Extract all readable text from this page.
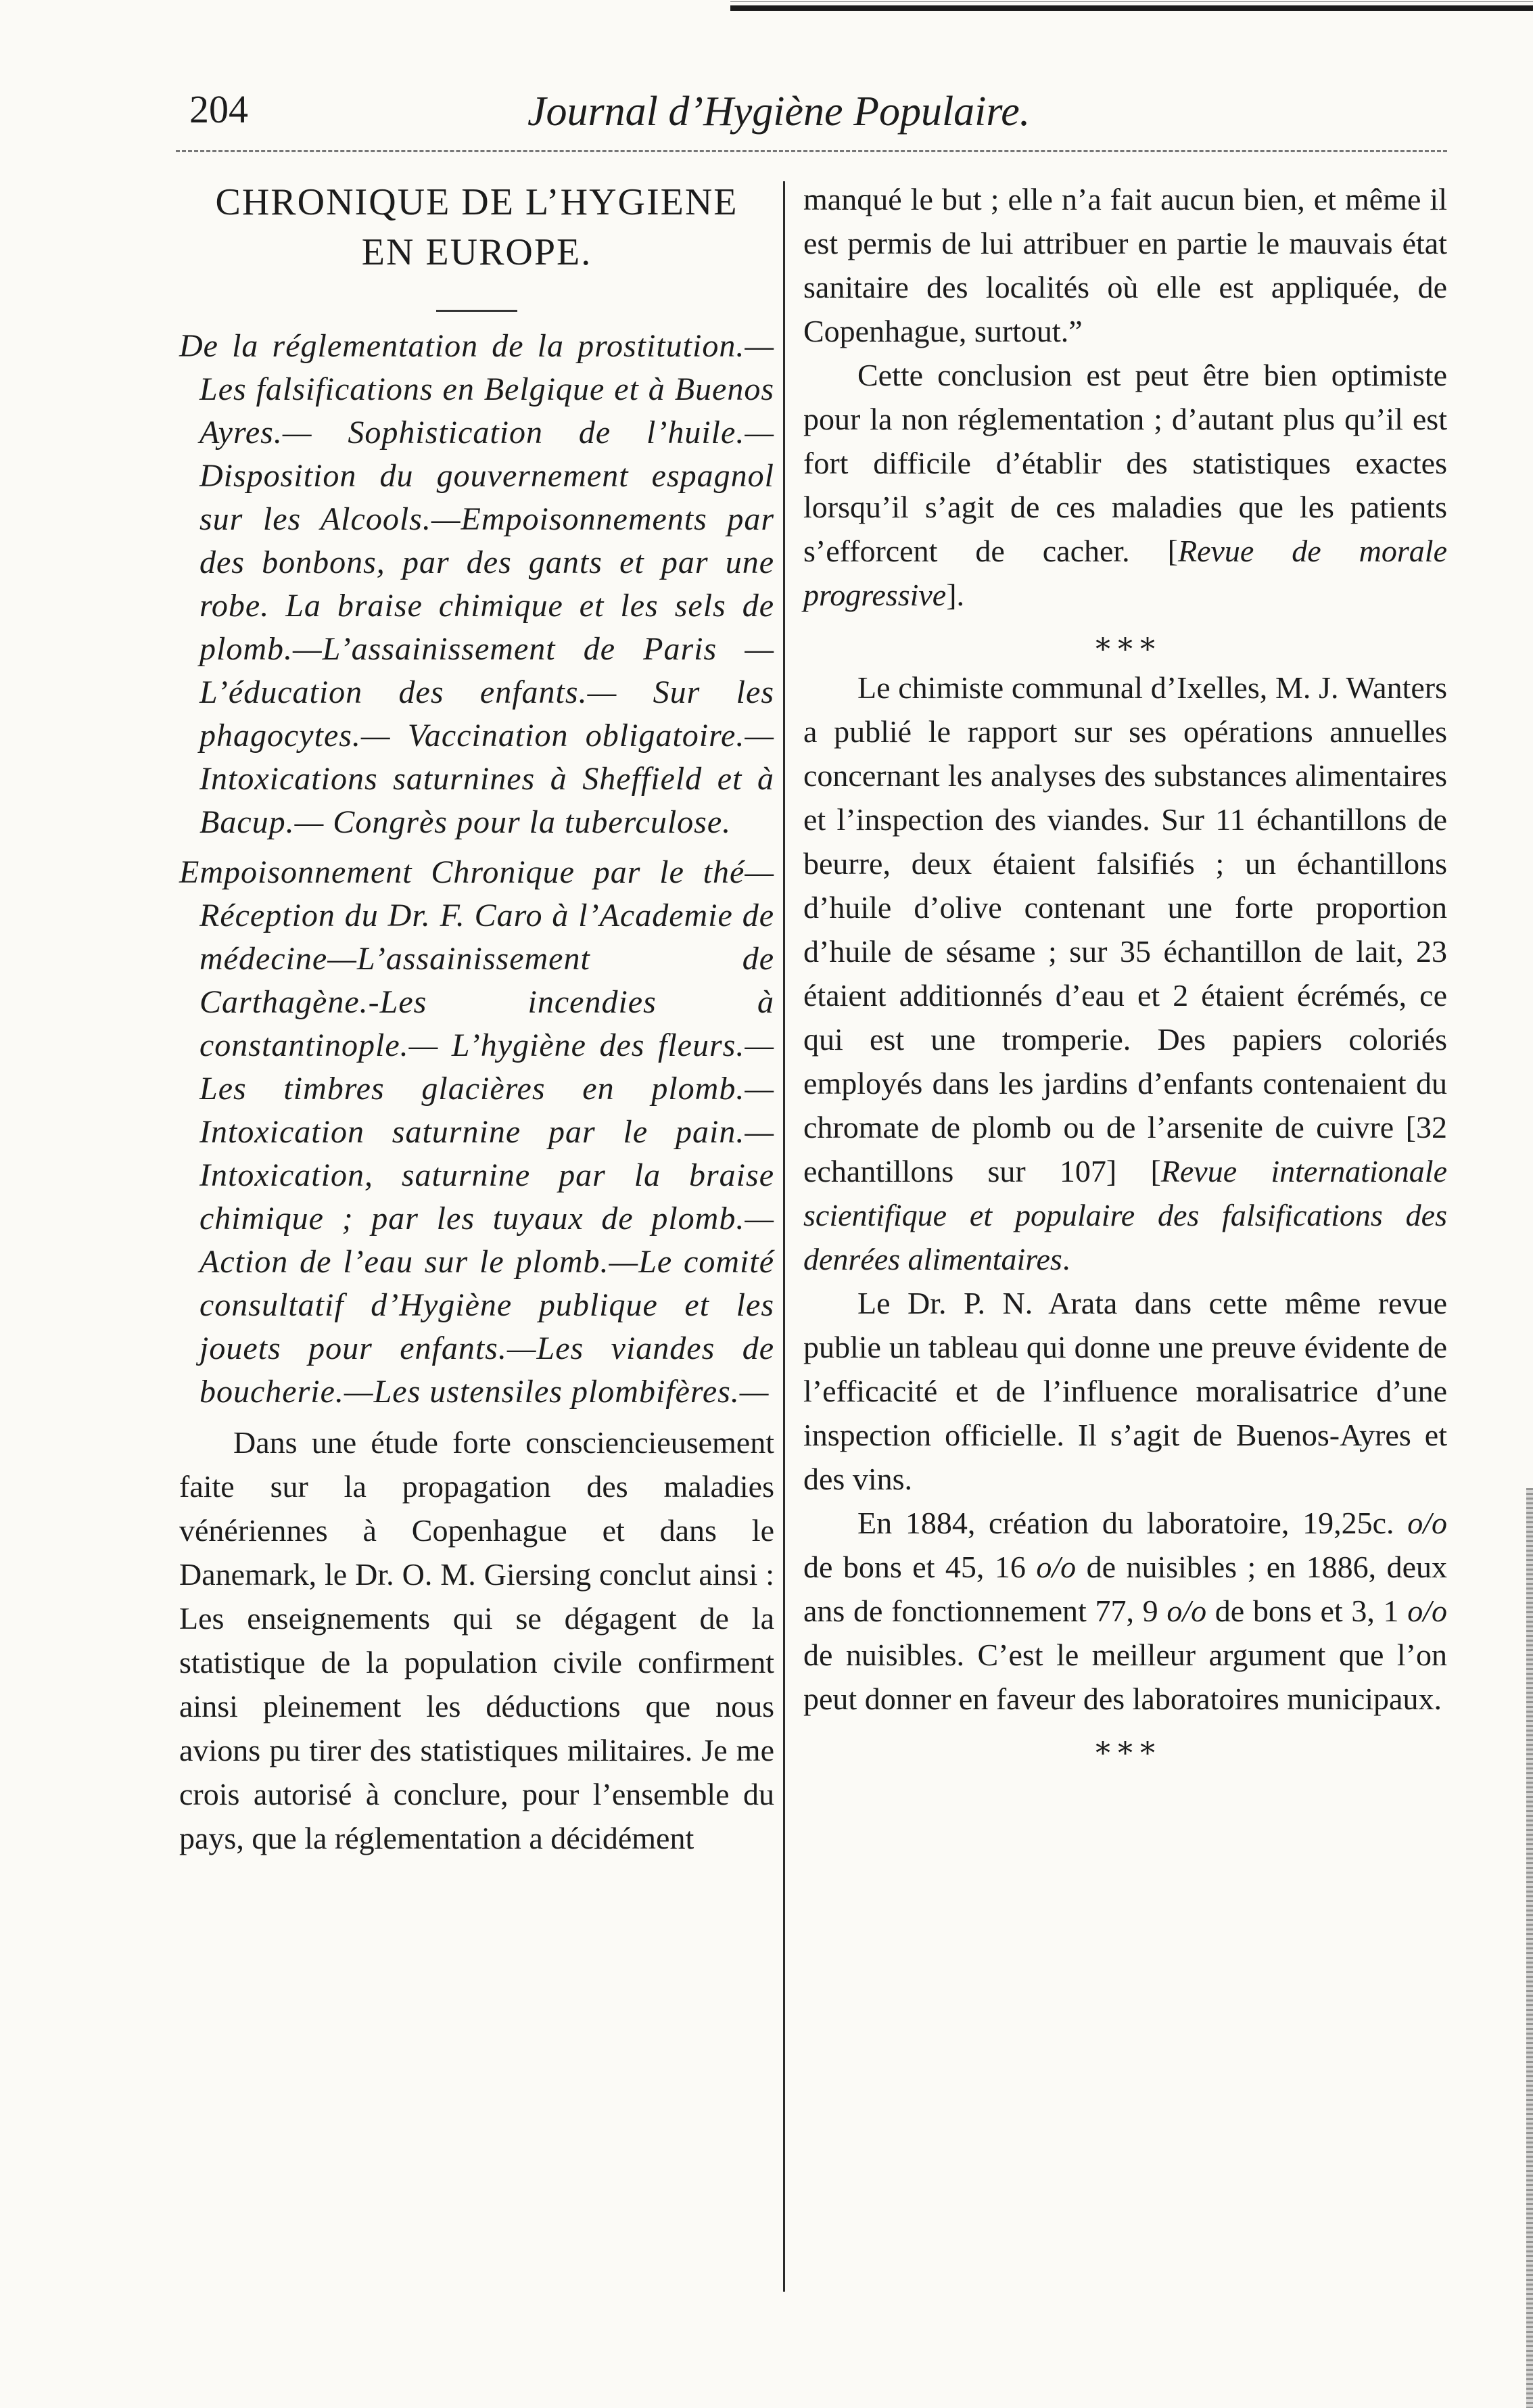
204	Journal d’Hygiène Populaire.
CHRONIQUE DE L’HYGIENE
EN EUROPE.

De la réglementation de la prostitution.—Les falsifications en Belgique et à Buenos Ayres.— Sophistication de l’huile.—Disposition du gouvernement espagnol sur les Alcools.—Empoisonnements par des bonbons, par des gants et par une robe. La braise chimique et les sels de plomb.—L’assainissement de Paris — L’éducation des enfants.— Sur les phagocytes.— Vaccination obligatoire.— Intoxications saturnines à Sheffield et à Bacup.— Congrès pour la tuberculose.

Empoisonnement Chronique par le thé—Réception du Dr. F. Caro à l’Academie de médecine—L’assainissement de Carthagène.-Les incendies à constantinople.— L’hygiène des fleurs.— Les timbres glacières en plomb.— Intoxication saturnine par le pain.—Intoxication, saturnine par la braise chimique ; par les tuyaux de plomb.—Action de l’eau sur le plomb.—Le comité consultatif d’Hygiène publique et les jouets pour enfants.—Les viandes de boucherie.—Les ustensiles plombifères.—

Dans une étude forte consciencieusement faite sur la propagation des maladies vénériennes à Copenhague et dans le Danemark, le Dr. O. M. Giersing conclut ainsi : Les enseignements qui se dégagent de la statistique de la population civile confirment ainsi pleinement les déductions que nous avions pu tirer des statistiques militaires. Je me crois autorisé à conclure, pour l’ensemble du pays, que la réglementation a décidément

manqué le but ; elle n’a fait aucun bien, et même il est permis de lui attribuer en partie le mauvais état sanitaire des localités où elle est appliquée, de Copenhague, surtout.”

Cette conclusion est peut être bien optimiste pour la non réglementation ; d’autant plus qu’il est fort difficile d’établir des statistiques exactes lorsqu’il s’agit de ces maladies que les patients s’efforcent de cacher. [Revue de morale progressive].

⁎ ⁎ ⁎

Le chimiste communal d’Ixelles, M. J. Wanters a publié le rapport sur ses opérations annuelles concernant les analyses des substances alimentaires et l’inspection des viandes. Sur 11 échantillons de beurre, deux étaient falsifiés ; un échantillons d’huile d’olive contenant une forte proportion d’huile de sésame ; sur 35 échantillon de lait, 23 étaient additionnés d’eau et 2 étaient écrémés, ce qui est une tromperie. Des papiers coloriés employés dans les jardins d’enfants contenaient du chromate de plomb ou de l’arsenite de cuivre [32 echantillons sur 107] [Revue internationale scientifique et populaire des falsifications des denrées alimentaires.

Le Dr. P. N. Arata dans cette même revue publie un tableau qui donne une preuve évidente de l’efficacité et de l’influence moralisatrice d’une inspection officielle. Il s’agit de Buenos-Ayres et des vins.

En 1884, création du laboratoire, 19,25c. o/o de bons et 45, 16 o/o de nuisibles ; en 1886, deux ans de fonctionnement 77, 9 o/o de bons et 3, 1 o/o de nuisibles. C’est le meilleur argument que l’on peut donner en faveur des laboratoires municipaux.

⁎ ⁎ ⁎
